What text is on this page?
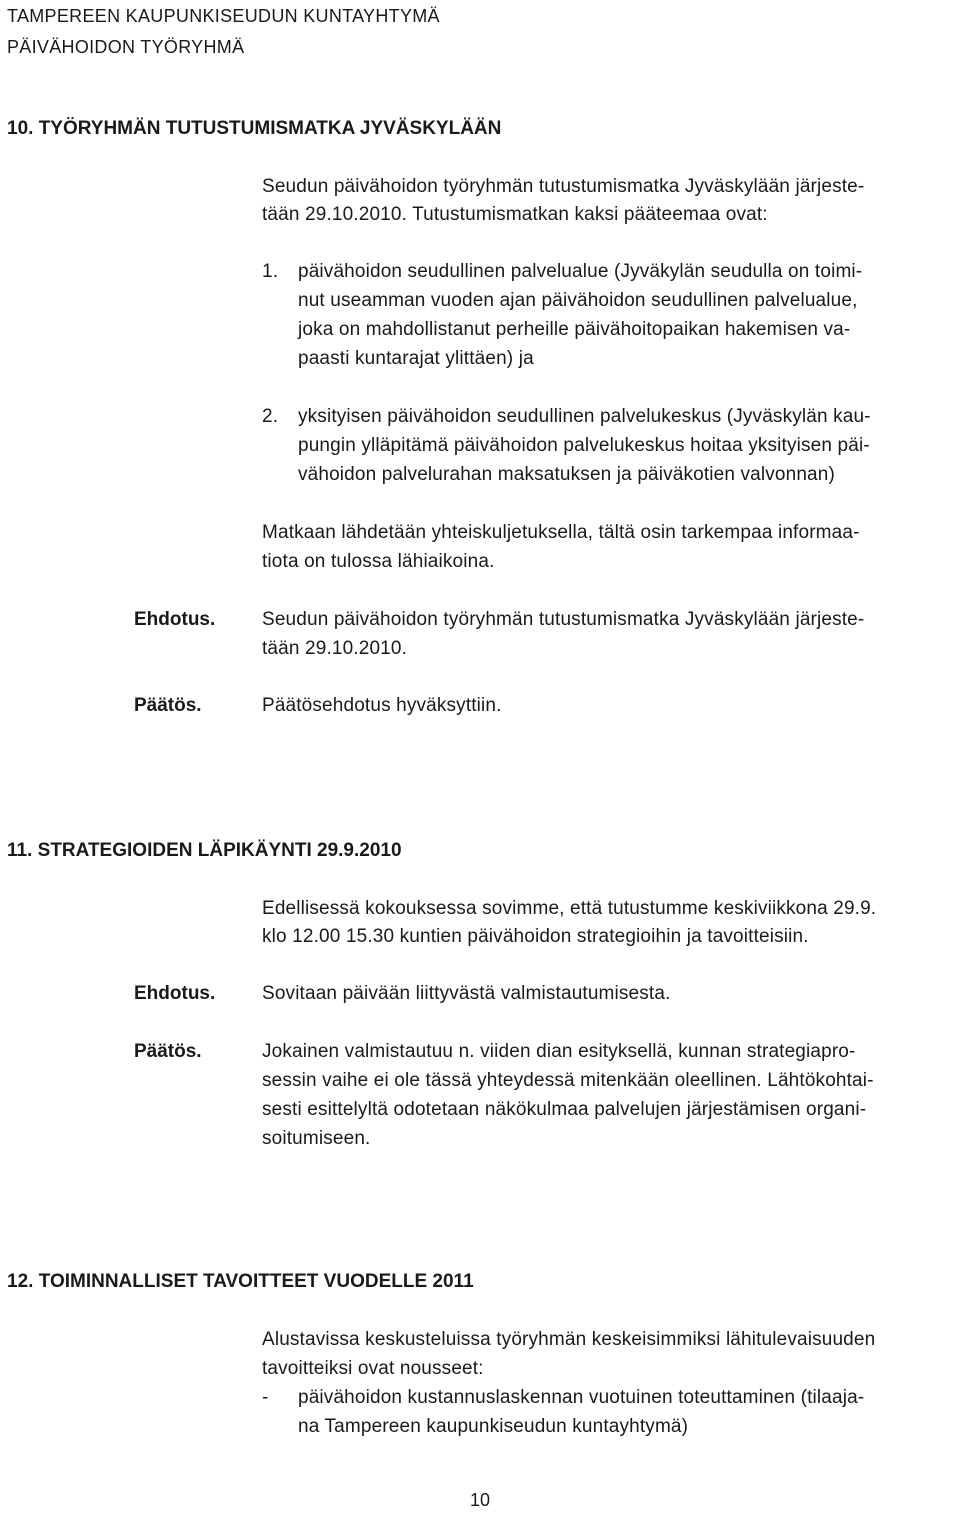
TAMPEREEN KAUPUNKISEUDUN KUNTAYHTYMÄ
PÄIVÄHOIDON TYÖRYHMÄ
10. TYÖRYHMÄN TUTUSTUMISMATKA JYVÄSKYLÄÄN
Seudun päivähoidon työryhmän tutustumismatka Jyväskylään järjeste-
tään 29.10.2010. Tutustumismatkan kaksi pääteemaa ovat:
1. päivähoidon seudullinen palvelualue (Jyväkylän seudulla on toimi-
nut useamman vuoden ajan päivähoidon seudullinen palvelualue,
joka on mahdollistanut perheille päivähoitopaikan hakemisen va-
paasti kuntarajat ylittäen) ja
2. yksityisen päivähoidon seudullinen palvelukeskus (Jyväskylän kau-
pungin ylläpitämä päivähoidon palvelukeskus hoitaa yksityisen päi-
vähoidon palvelurahan maksatuksen ja päiväkotien valvonnan)
Matkaan lähdetään yhteiskuljetuksella, tältä osin tarkempaa informaa-
tiota on tulossa lähiaikoina.
Ehdotus. Seudun päivähoidon työryhmän tutustumismatka Jyväskylään järjeste-
tään 29.10.2010.
Päätös.	Päätösehdotus hyväksyttiin.
11. STRATEGIOIDEN LÄPIKÄYNTI 29.9.2010
Edellisessä kokouksessa sovimme, että tutustumme keskiviikkona 29.9.
klo 12.00 15.30 kuntien päivähoidon strategioihin ja tavoitteisiin.
Ehdotus. Sovitaan päivään liittyvästä valmistautumisesta.
Päätös.	Jokainen valmistautuu n. viiden dian esityksellä, kunnan strategiapro-
sessin vaihe ei ole tässä yhteydessä mitenkään oleellinen. Lähtökohtai-
sesti esittelyltä odotetaan näkökulmaa palvelujen järjestämisen organi-
soitumiseen.
12. TOIMINNALLISET TAVOITTEET VUODELLE 2011
Alustavissa keskusteluissa työryhmän keskeisimmiksi lähitulevaisuuden
tavoitteiksi ovat nousseet:
- päivähoidon kustannuslaskennan vuotuinen toteuttaminen (tilaaja-
na Tampereen kaupunkiseudun kuntayhtymä)
10
